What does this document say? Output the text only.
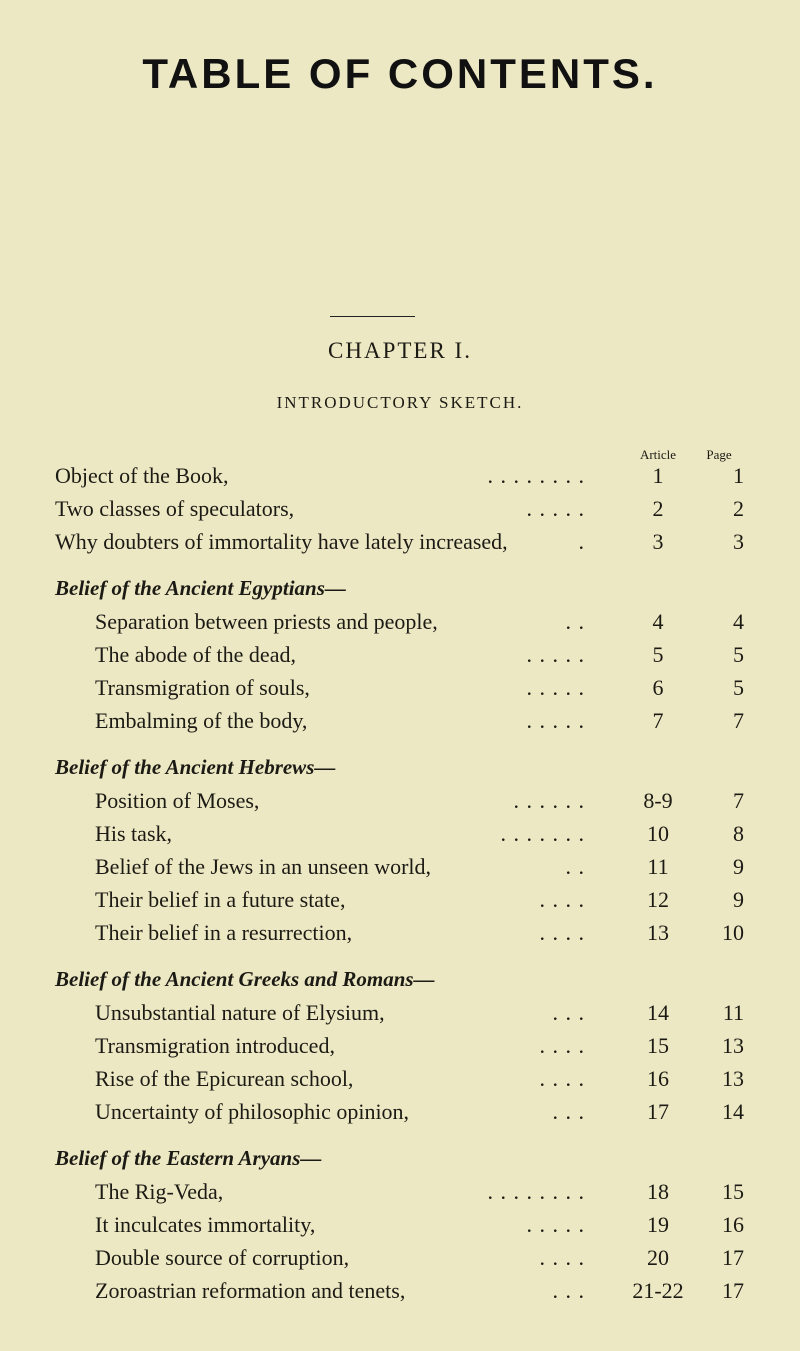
TABLE OF CONTENTS.
CHAPTER I.
INTRODUCTORY SKETCH.
Article	Page
Object of the Book,	. . . . . . . .	1	1
Two classes of speculators,	. . . . .	2	2
Why doubters of immortality have lately increased,	.	3	3
Belief of the Ancient Egyptians—
Separation between priests and people,	. .	4	4
The abode of the dead,	. . . . .	5	5
Transmigration of souls,	. . . . .	6	5
Embalming of the body,	. . . . .	7	7
Belief of the Ancient Hebrews—
Position of Moses,	. . . . . .	8-9	7
His task,	. . . . . . .	10	8
Belief of the Jews in an unseen world,	. .	11	9
Their belief in a future state,	. . . .	12	9
Their belief in a resurrection,	. . . .	13	10
Belief of the Ancient Greeks and Romans—
Unsubstantial nature of Elysium,	. . .	14	11
Transmigration introduced,	. . . .	15	13
Rise of the Epicurean school,	. . . .	16	13
Uncertainty of philosophic opinion,	. . .	17	14
Belief of the Eastern Aryans—
The Rig-Veda,	. . . . . . . .	18	15
It inculcates immortality,	. . . . .	19	16
Double source of corruption,	. . . .	20	17
Zoroastrian reformation and tenets,	. . . 21-22	17
